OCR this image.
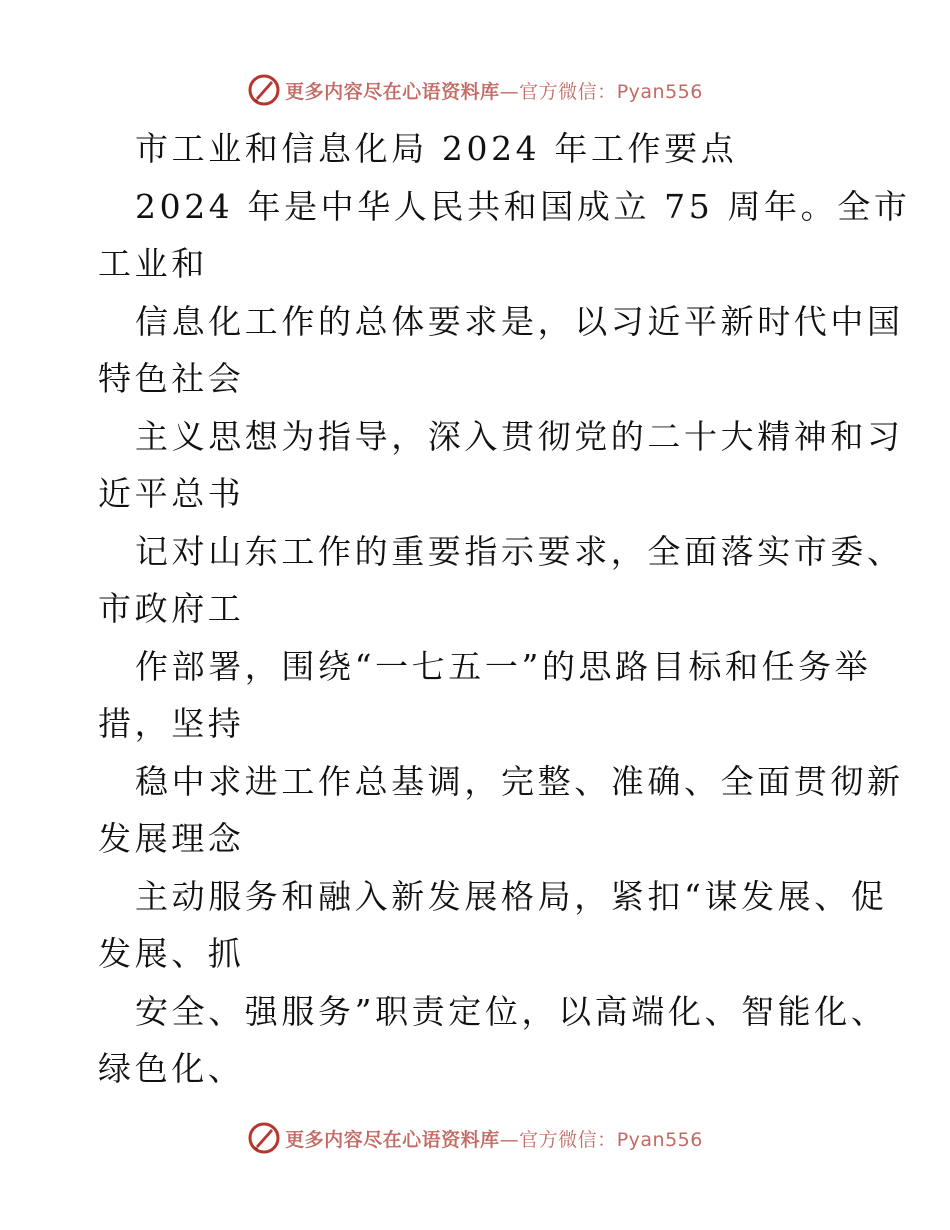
更多内容尽在心语资料库—官方微信：Pyan556
市工业和信息化局 2024 年工作要点
2024 年是中华人民共和国成立 75 周年。全市
工业和
信息化工作的总体要求是，以习近平新时代中国
特色社会
主义思想为指导，深入贯彻党的二十大精神和习
近平总书
记对山东工作的重要指示要求，全面落实市委、
市政府工
作部署，围绕“一七五一”的思路目标和任务举
措，坚持
稳中求进工作总基调，完整、准确、全面贯彻新
发展理念
主动服务和融入新发展格局，紧扣“谋发展、促
发展、抓
安全、强服务”职责定位，以高端化、智能化、
绿色化、
更多内容尽在心语资料库—官方微信：Pyan556
